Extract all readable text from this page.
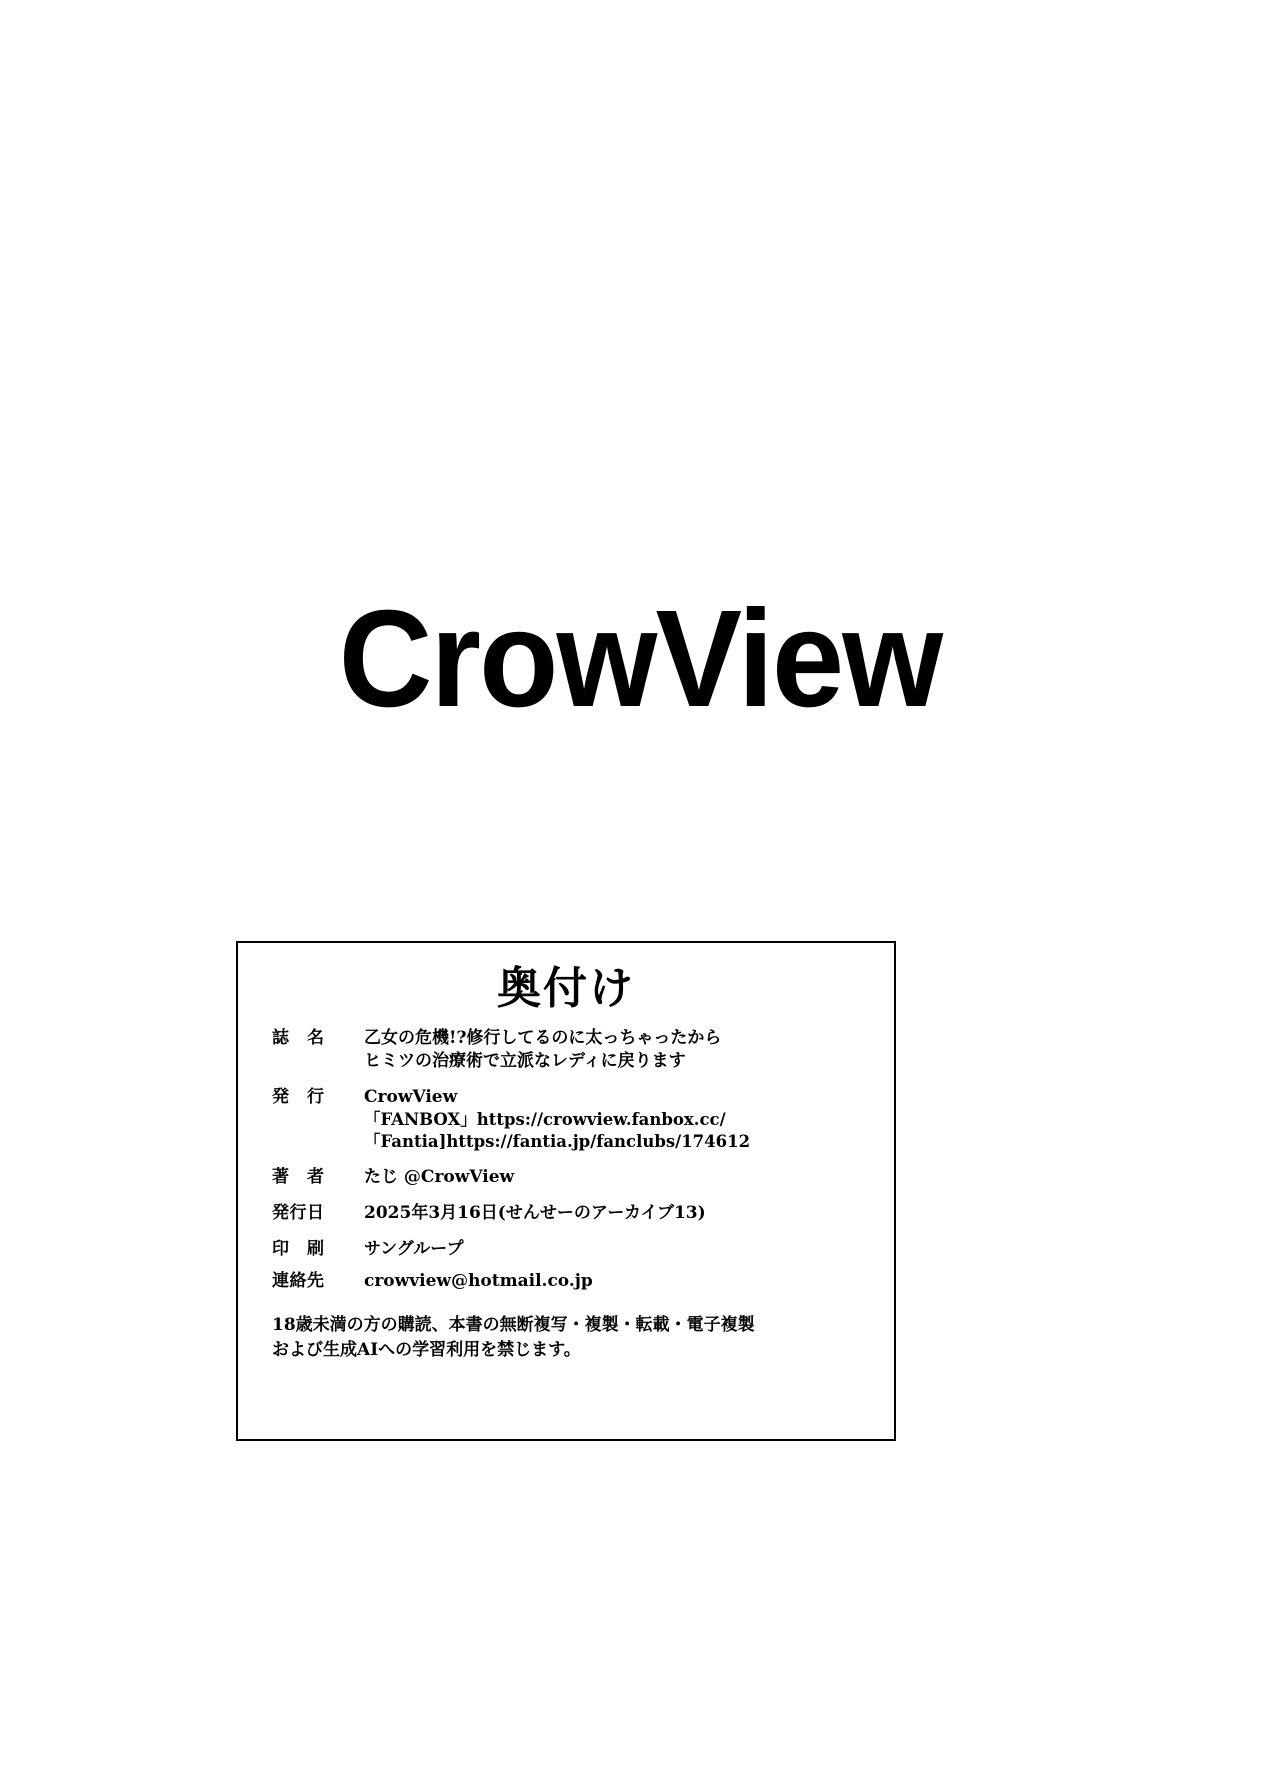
CrowView
奥付け
誌　名	乙女の危機!?修行してるのに太っちゃったから
ヒミツの治療術で立派なレディに戻ります
発　行	CrowView
「FANBOX」https://crowview.fanbox.cc/
「Fantia]https://fantia.jp/fanclubs/174612
著　者	たじ @CrowView
発行日	2025年3月16日(せんせーのアーカイブ13)
印　刷	サングループ
連絡先	crowview@hotmail.co.jp
18歳未満の方の購読、本書の無断複写・複製・転載・電子複製
および生成AIへの学習利用を禁じます。
